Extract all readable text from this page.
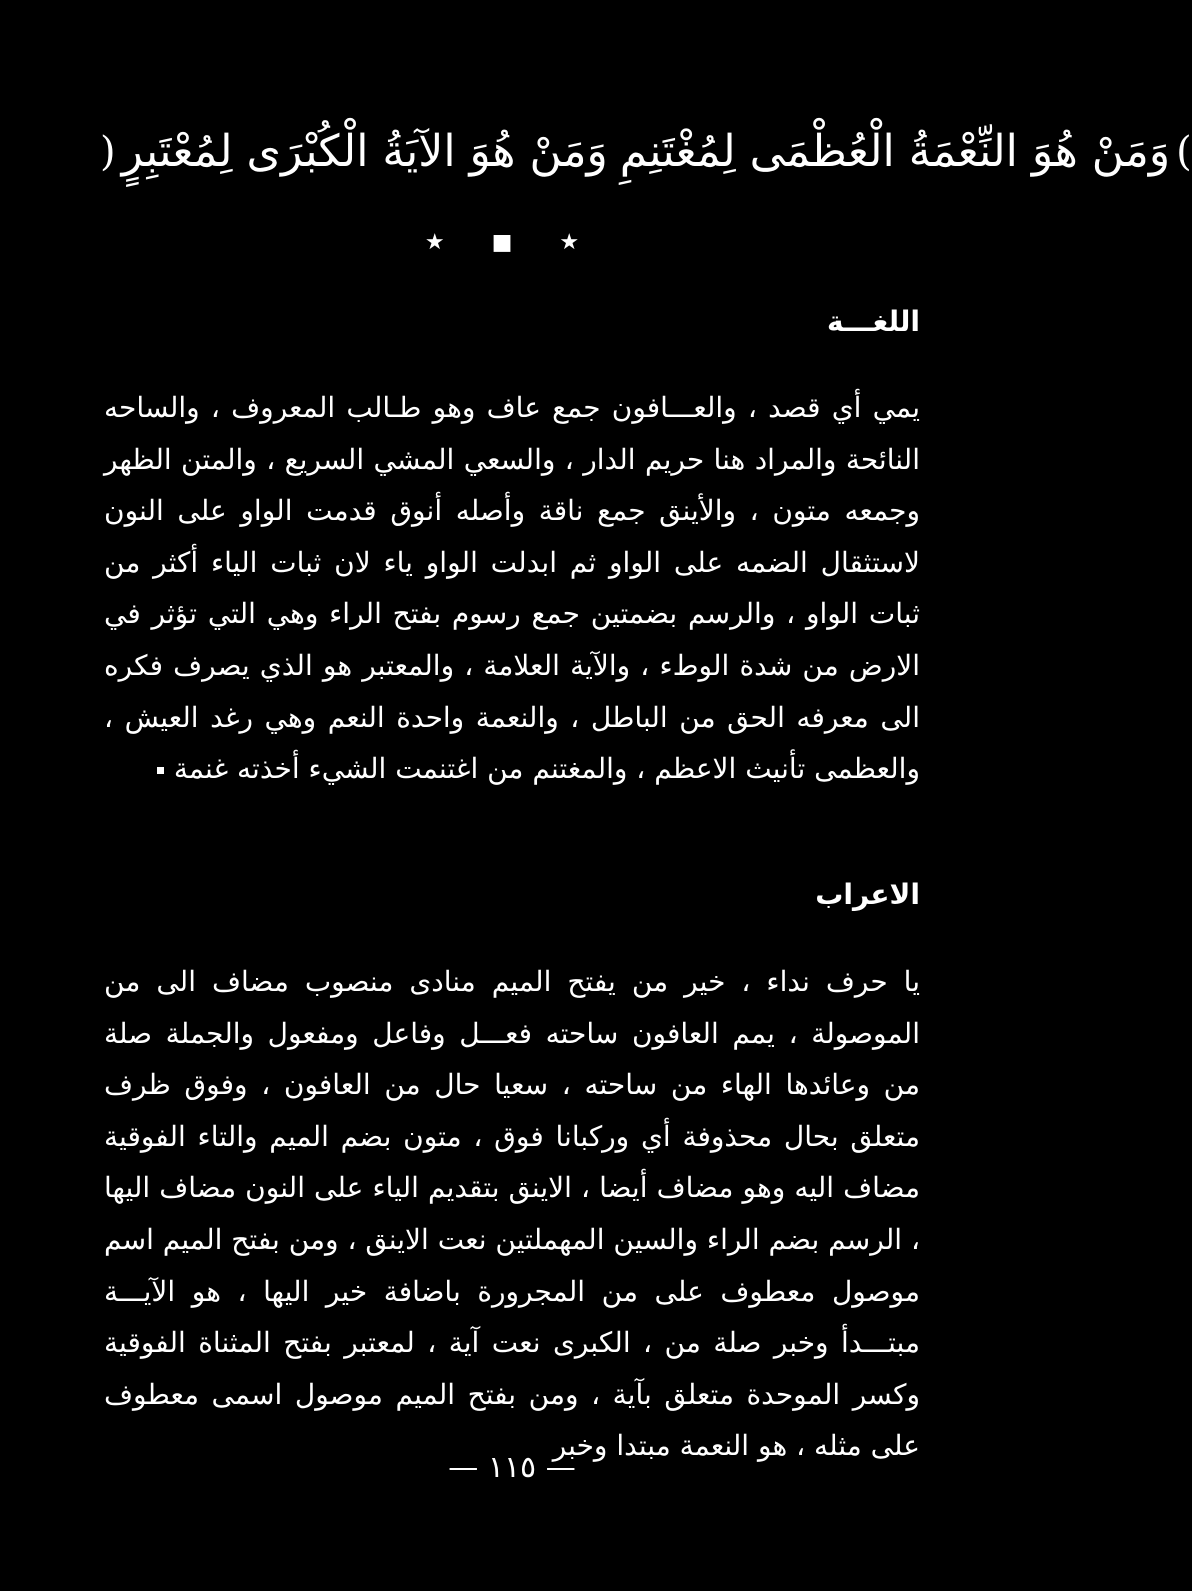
( وَمَنْ هُوَ الآيَةُ الْكُبْرَى لِمُعْتَبِرٍ وَمَنْ هُوَ النِّعْمَةُ الْعُظْمَى لِمُغْتَنِمِ )
★ ■ ★
اللغـــة

يمي أي قصد ، والعـــافون جمع عاف وهو طـالب المعروف ، والساحه النائحة والمراد هنا حريم الدار ، والسعي المشي السريع ، والمتن الظهر وجمعه متون ، والأينق جمع ناقة وأصله أنوق قدمت الواو على النون لاستثقال الضمه على الواو ثم ابدلت الواو ياء لان ثبات الياء أكثر من ثبات الواو ، والرسم بضمتين جمع رسوم بفتح الراء وهي التي تؤثر في الارض من شدة الوطء ، والآية العلامة ، والمعتبر هو الذي يصرف فكره الى معرفه الحق من الباطل ، والنعمة واحدة النعم وهي رغد العيش ، والعظمى تأنيث الاعظم ، والمغتنم من اغتنمت الشيء أخذته غنمة

الاعراب

يا حرف نداء ، خير من يفتح الميم منادى منصوب مضاف الى من الموصولة ، يمم العافون ساحته فعـــل وفاعل ومفعول والجملة صلة من وعائدها الهاء من ساحته ، سعيا حال من العافون ، وفوق ظرف متعلق بحال محذوفة أي وركبانا فوق ، متون بضم الميم والتاء الفوقية مضاف اليه وهو مضاف أيضا ، الاينق بتقديم الياء على النون مضاف اليها ، الرسم بضم الراء والسين المهملتين نعت الاينق ، ومن بفتح الميم اسم موصول معطوف على من المجرورة باضافة خير اليها ، هو الآيـــة مبتـــدأ وخبر صلة من ، الكبرى نعت آية ، لمعتبر بفتح المثناة الفوقية وكسر الموحدة متعلق بآية ، ومن بفتح الميم موصول اسمى معطوف على مثله ، هو النعمة مبتدا وخبر

— ١١٥ —
